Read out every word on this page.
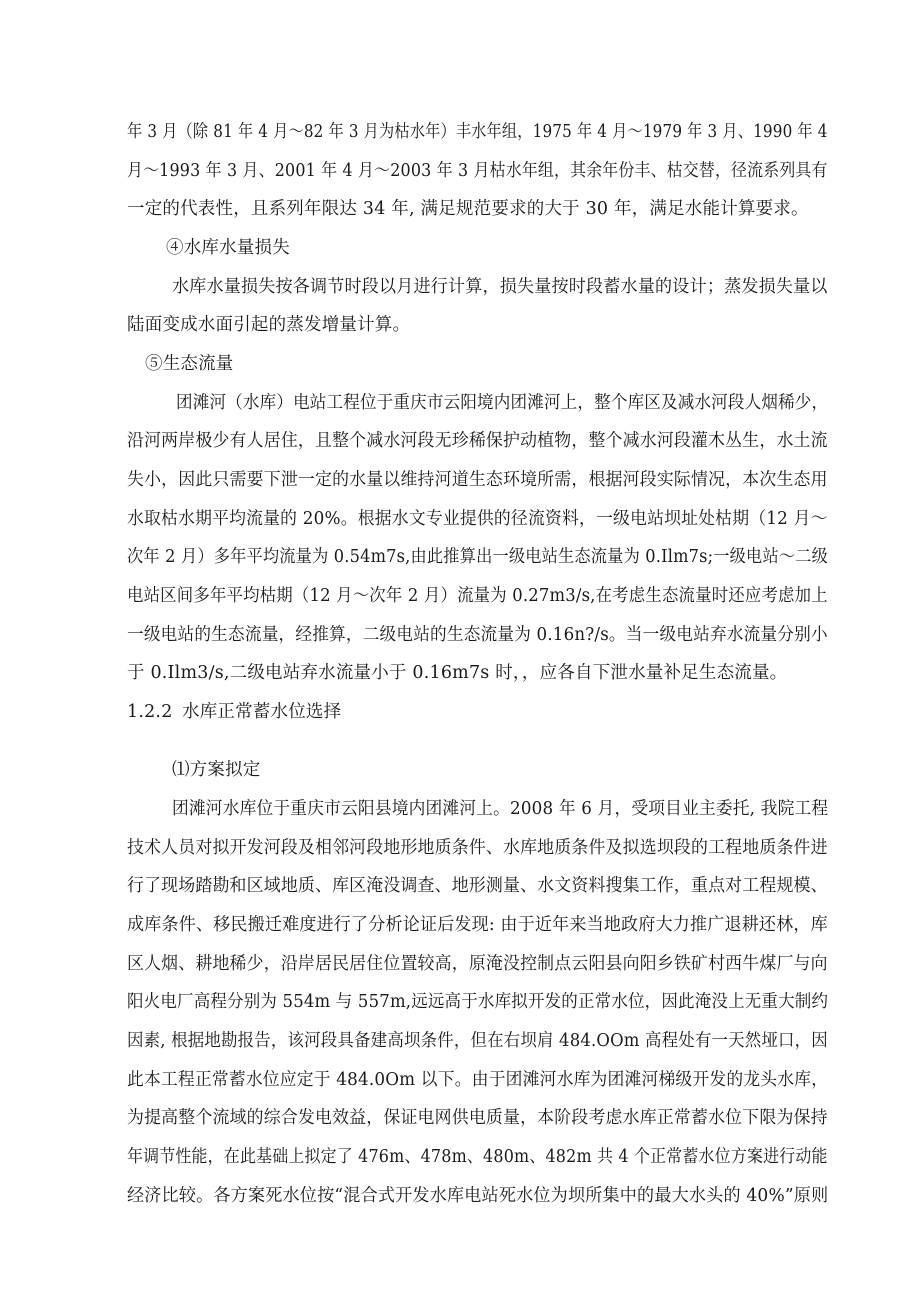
年 3 月（除 81 年 4 月～82 年 3 月为枯水年）丰水年组，1975 年 4 月～1979 年 3 月、1990 年 4
月～1993 年 3 月、2001 年 4 月～2003 年 3 月枯水年组，其余年份丰、枯交替，径流系列具有
一定的代表性，且系列年限达 34 年, 满足规范要求的大于 30 年，满足水能计算要求。
④水库水量损失
水库水量损失按各调节时段以月进行计算，损失量按时段蓄水量的设计；蒸发损失量以
陆面变成水面引起的蒸发增量计算。
⑤生态流量
团滩河（水库）电站工程位于重庆市云阳境内团滩河上，整个库区及减水河段人烟稀少，
沿河两岸极少有人居住，且整个减水河段无珍稀保护动植物，整个减水河段灌木丛生，水土流
失小，因此只需要下泄一定的水量以维持河道生态环境所需，根据河段实际情况，本次生态用
水取枯水期平均流量的 20%。根据水文专业提供的径流资料，一级电站坝址处枯期（12 月～
次年 2 月）多年平均流量为 0.54m7s,由此推算出一级电站生态流量为 0.Ilm7s;一级电站～二级
电站区间多年平均枯期（12 月～次年 2 月）流量为 0.27m3∕s,在考虑生态流量时还应考虑加上
一级电站的生态流量，经推算，二级电站的生态流量为 0.16n?/s。当一级电站弃水流量分别小
于 0.Ilm3∕s,二级电站弃水流量小于 0.16m7s 时，，应各自下泄水量补足生态流量。
1.2.2 水库正常蓄水位选择
⑴方案拟定
团滩河水库位于重庆市云阳县境内团滩河上。2008 年 6 月，受项目业主委托, 我院工程
技术人员对拟开发河段及相邻河段地形地质条件、水库地质条件及拟选坝段的工程地质条件进
行了现场踏勘和区域地质、库区淹没调查、地形测量、水文资料搜集工作，重点对工程规模、
成库条件、移民搬迁难度进行了分析论证后发现: 由于近年来当地政府大力推广退耕还林，库
区人烟、耕地稀少，沿岸居民居住位置较高，原淹没控制点云阳县向阳乡铁矿村西牛煤厂与向
阳火电厂高程分别为 554m 与 557m,远远高于水库拟开发的正常水位，因此淹没上无重大制约
因素, 根据地勘报告，该河段具备建高坝条件，但在右坝肩 484.OOm 高程处有一天然垭口，因
此本工程正常蓄水位应定于 484.0Om 以下。由于团滩河水库为团滩河梯级开发的龙头水库，
为提高整个流域的综合发电效益，保证电网供电质量，本阶段考虑水库正常蓄水位下限为保持
年调节性能，在此基础上拟定了 476m、478m、480m、482m 共 4 个正常蓄水位方案进行动能
经济比较。各方案死水位按“混合式开发水库电站死水位为坝所集中的最大水头的 40%”原则
